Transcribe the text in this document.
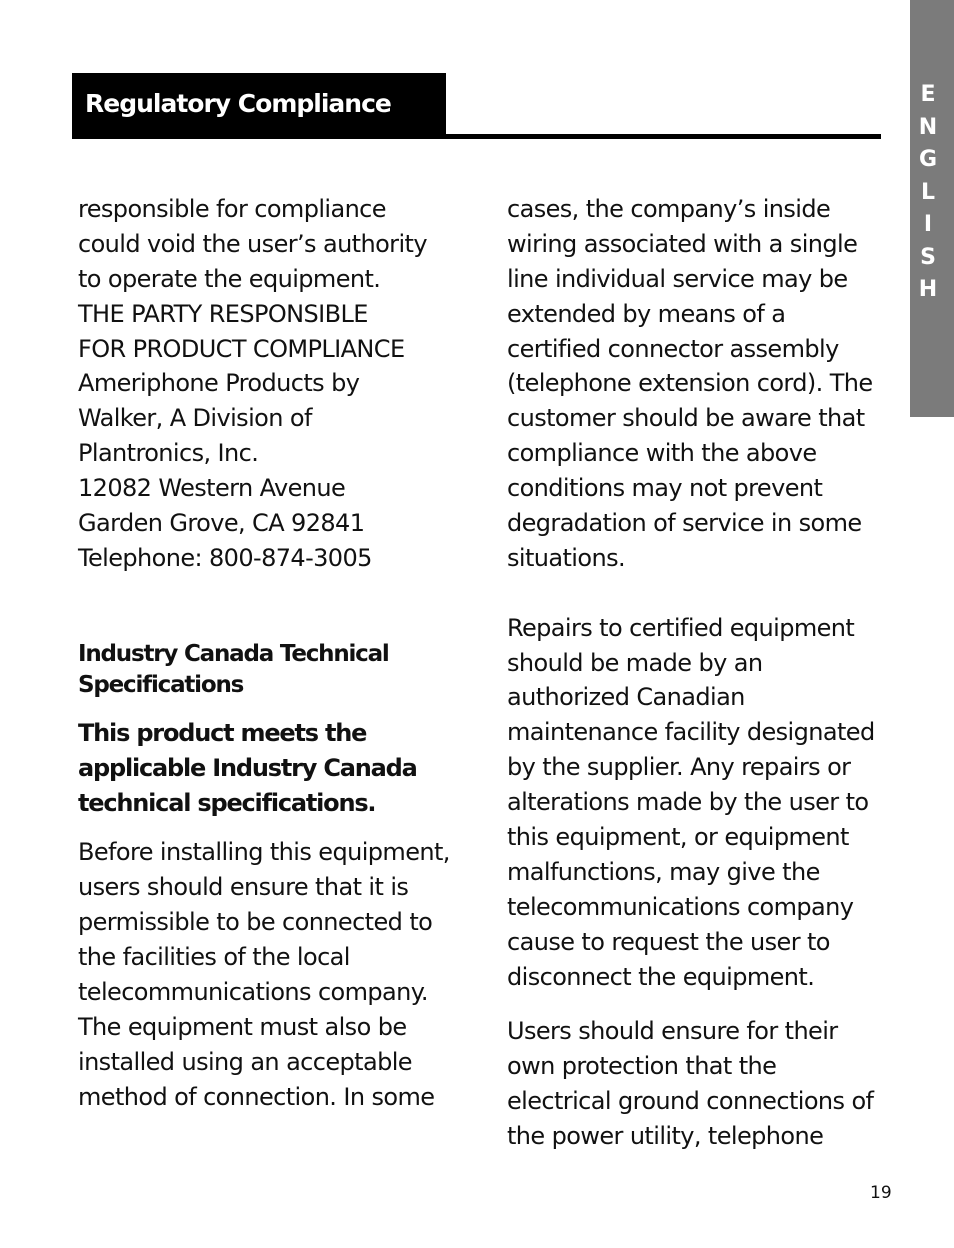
Regulatory Compliance	E
N
G
L
I
S
H
responsible for compliance
could void the user’s authority
to operate the equipment.
THE PARTY RESPONSIBLE
FOR PRODUCT COMPLIANCE
Ameriphone Products by
Walker, A Division of
Plantronics, Inc.
12082 Western Avenue
Garden Grove, CA 92841
Telephone: 800-874-3005
Industry Canada Technical
Specifications
This product meets the
applicable Industry Canada
technical specifications.
Before installing this equipment,
users should ensure that it is
permissible to be connected to
the facilities of the local
telecommunications company.
The equipment must also be
installed using an acceptable
method of connection. In some
cases, the company’s inside
wiring associated with a single
line individual service may be
extended by means of a
certified connector assembly
(telephone extension cord). The
customer should be aware that
compliance with the above
conditions may not prevent
degradation of service in some
situations.
Repairs to certified equipment
should be made by an
authorized Canadian
maintenance facility designated
by the supplier. Any repairs or
alterations made by the user to
this equipment, or equipment
malfunctions, may give the
telecommunications company
cause to request the user to
disconnect the equipment.
Users should ensure for their
own protection that the
electrical ground connections of
the power utility, telephone
19
